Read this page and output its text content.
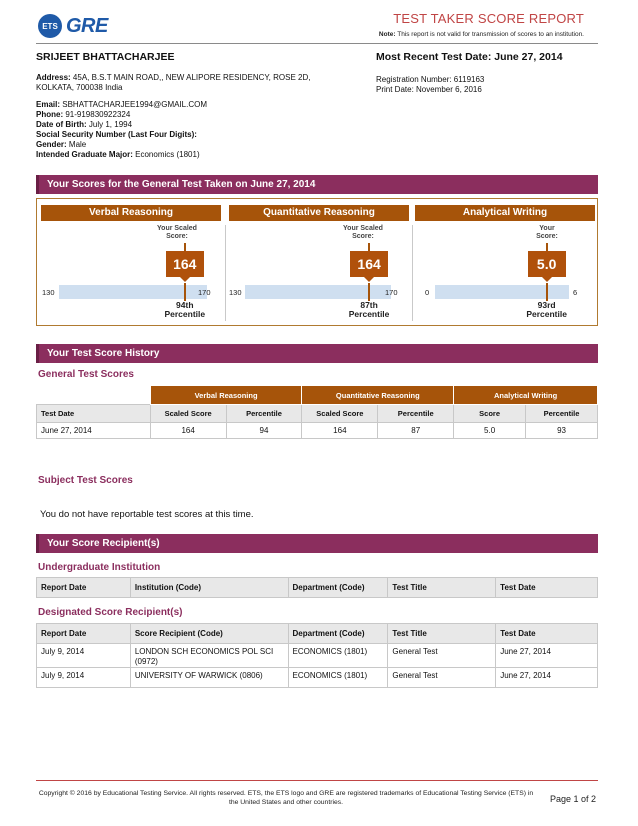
ETS GRE	TEST TAKER SCORE REPORT
Note: This report is not valid for transmission of scores to an institution.
SRIJEET BHATTACHARJEE	Most Recent Test Date: June 27, 2014
Address: 45A, B.S.T MAIN ROAD,, NEW ALIPORE RESIDENCY, ROSE 2D, KOLKATA, 700038 India
Registration Number: 6119163
Print Date: November 6, 2016
Email: SBHATTACHARJEE1994@GMAIL.COM
Phone: 91-919830922324
Date of Birth: July 1, 1994
Social Security Number (Last Four Digits):
Gender: Male
Intended Graduate Major: Economics (1801)
Your Scores for the General Test Taken on June 27, 2014
Verbal Reasoning
Your Scaled
Score:
164
130	170
94th
Percentile
Quantitative Reasoning
Your Scaled
Score:
164
130	170
87th
Percentile
Analytical Writing
Your
Score:
5.0
0	6
93rd
Percentile
Your Test Score History
General Test Scores
	Verbal Reasoning		Quantitative Reasoning		Analytical Writing	
Test Date	Scaled Score	Percentile	Scaled Score	Percentile	Score	Percentile
June 27, 2014	164	94	164	87	5.0	93
Subject Test Scores
You do not have reportable test scores at this time.
Your Score Recipient(s)
Undergraduate Institution
Report Date	Institution (Code)	Department (Code)	Test Title	Test Date
Designated Score Recipient(s)
Report Date	Score Recipient (Code)	Department (Code)	Test Title	Test Date
July 9, 2014	LONDON SCH ECONOMICS POL SCI (0972)	ECONOMICS (1801)	General Test	June 27, 2014
July 9, 2014	UNIVERSITY OF WARWICK (0806)	ECONOMICS (1801)	General Test	June 27, 2014
Copyright © 2016 by Educational Testing Service. All rights reserved. ETS, the ETS logo and GRE are registered trademarks of Educational Testing Service (ETS) in the United States and other countries.	Page 1 of 2
